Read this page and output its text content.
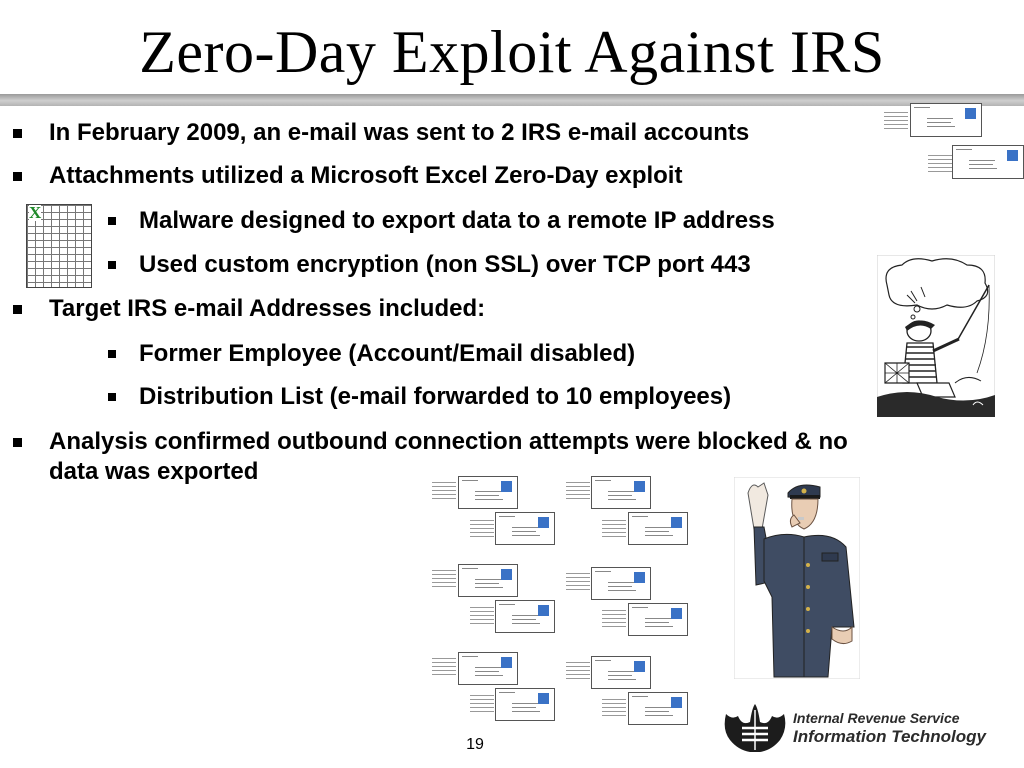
Zero-Day Exploit Against IRS
In February 2009, an e-mail was sent to 2 IRS e-mail accounts
Attachments utilized a Microsoft Excel Zero-Day exploit
Malware designed to export data to a remote IP address
Used custom encryption (non SSL) over TCP port 443
Target IRS e-mail Addresses included:
Former Employee (Account/Email disabled)
Distribution List (e-mail forwarded to 10 employees)
Analysis confirmed outbound connection attempts were blocked & no
data was exported
X
19
Internal Revenue Service
Information Technology
